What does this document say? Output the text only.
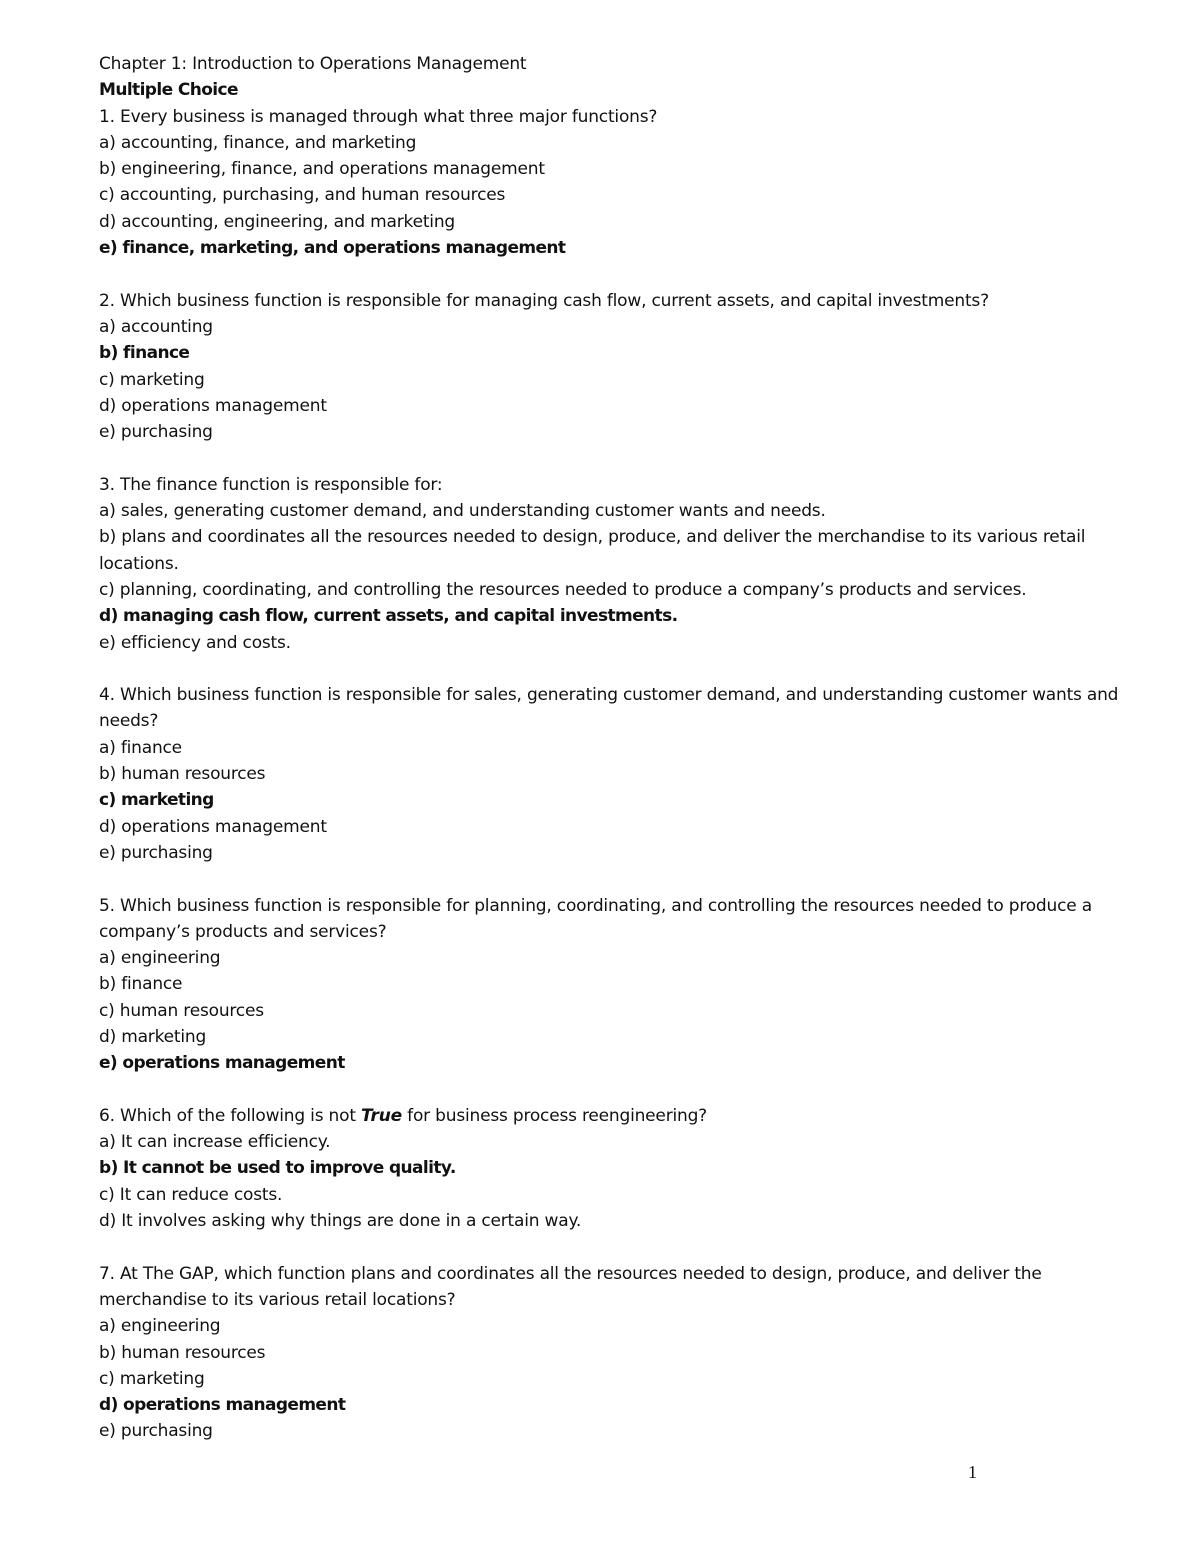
Chapter 1: Introduction to Operations Management

Multiple Choice

1. Every business is managed through what three major functions?

a) accounting, finance, and marketing

b) engineering, finance, and operations management

c) accounting, purchasing, and human resources

d) accounting, engineering, and marketing

e) finance, marketing, and operations management

2. Which business function is responsible for managing cash flow, current assets, and capital investments?

a) accounting

b) finance

c) marketing

d) operations management

e) purchasing

3. The finance function is responsible for:

a) sales, generating customer demand, and understanding customer wants and needs.

b) plans and coordinates all the resources needed to design, produce, and deliver the merchandise to its various retail locations.

c) planning, coordinating, and controlling the resources needed to produce a company’s products and services.

d) managing cash flow, current assets, and capital investments.

e) efficiency and costs.

4. Which business function is responsible for sales, generating customer demand, and understanding customer wants and needs?

a) finance

b) human resources

c) marketing

d) operations management

e) purchasing

5. Which business function is responsible for planning, coordinating, and controlling the resources needed to produce a company’s products and services?

a) engineering

b) finance

c) human resources

d) marketing

e) operations management

6. Which of the following is not True for business process reengineering?

a) It can increase efficiency.

b) It cannot be used to improve quality.

c) It can reduce costs.

d) It involves asking why things are done in a certain way.

7. At The GAP, which function plans and coordinates all the resources needed to design, produce, and deliver the merchandise to its various retail locations?

a) engineering

b) human resources

c) marketing

d) operations management

e) purchasing

1
